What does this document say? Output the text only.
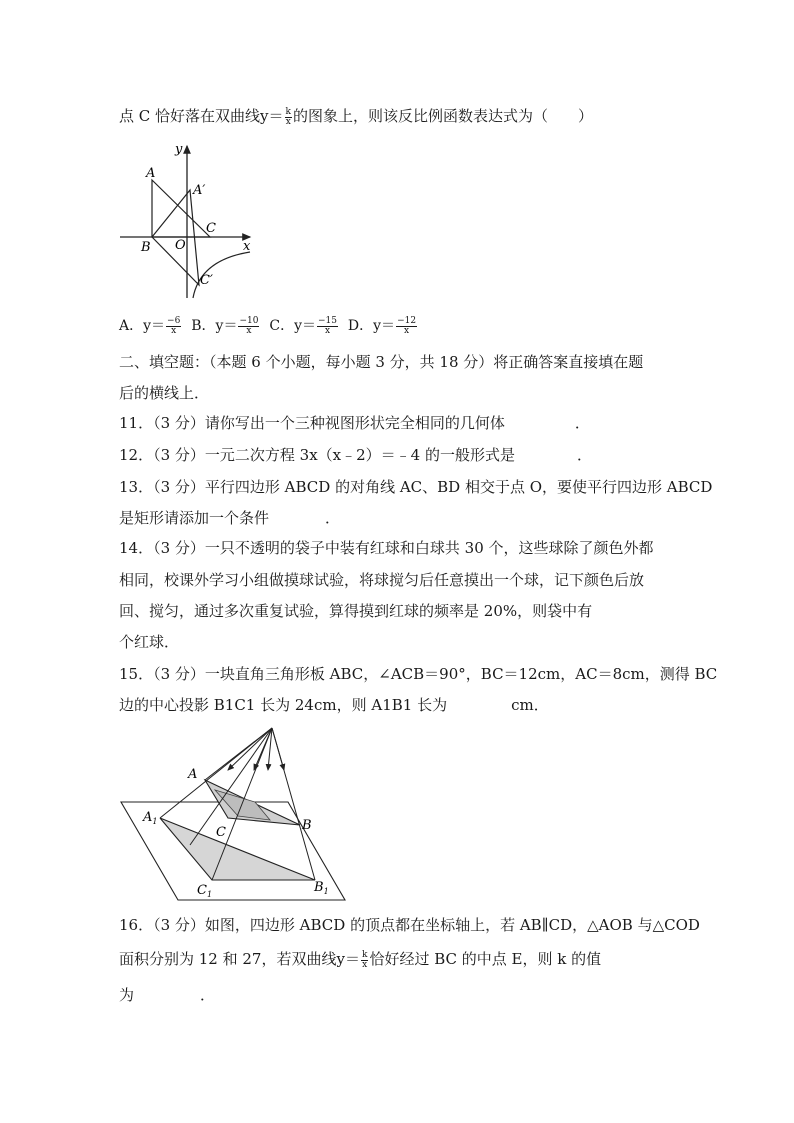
点 C 恰好落在双曲线$y= \frac{k}{x}$ 的图象上，则该反比例函数表达式为（　　）
A
A′
C
B O
C′
x
y
A．$y= \frac{-6}{x}$ B．$y= \frac{-10}{x}$ C．$y= \frac{-15}{x}$ D．$y= \frac{-12}{x}$
二、填空题：（本题 6 个小题，每小题 3 分，共 18 分）将正确答案直接填在题
后的横线上．
11．（3 分）请你写出一个三种视图形状完全相同的几何体	．
12．（3 分）一元二次方程 3x（x﹣2）＝﹣4 的一般形式是	．
13．（3 分）平行四边形 ABCD 的对角线 AC、BD 相交于点 O，要使平行四边形 ABCD
是矩形请添加一个条件	．
14．（3 分）一只不透明的袋子中装有红球和白球共 30 个，这些球除了颜色外都
相同，校课外学习小组做摸球试验，将球搅匀后任意摸出一个球，记下颜色后放
回、搅匀，通过多次重复试验，算得摸到红球的频率是 20%，则袋中有
个红球．
15．（3 分）一块直角三角形板 ABC，∠ACB＝90°，BC＝12cm，AC＝8cm，测得 BC
边的中心投影 B1C1 长为 24cm，则 A1B1 长为	cm．
A
$A_1$
C	B
$C_1$	$B_1$
16．（3 分）如图，四边形 ABCD 的顶点都在坐标轴上，若 AB∥CD，△AOB 与△COD
面积分别为 12 和 27，若双曲线$y= \frac{k}{x}$ 恰好经过 BC 的中点 E，则 k 的值
为	．
